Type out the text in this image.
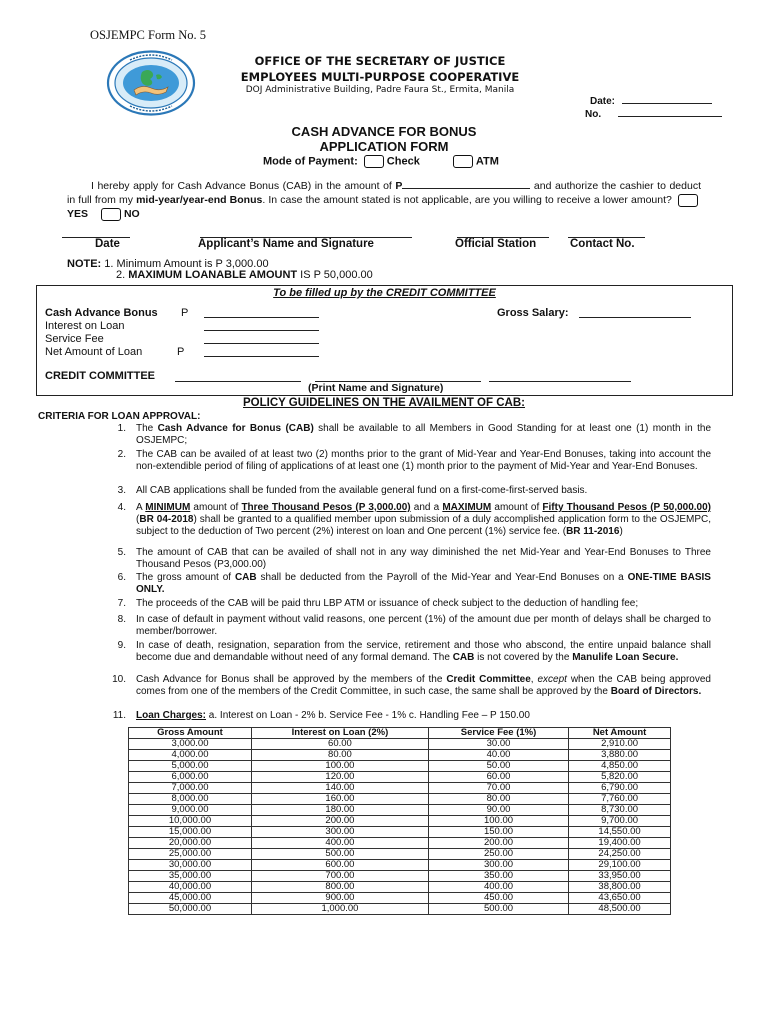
OSJEMPC Form No. 5
OFFICE OF THE SECRETARY OF JUSTICE
EMPLOYEES MULTI-PURPOSE COOPERATIVE
DOJ Administrative Building, Padre Faura St., Ermita, Manila
Date:
No.
CASH ADVANCE FOR BONUS
APPLICATION FORM
Mode of Payment:	Check	ATM
I hereby apply for Cash Advance Bonus (CAB) in the amount of P	and authorize the cashier to deduct in full from my mid-year/year-end Bonus. In case the amount stated is not applicable, are you willing to receive a lower amount? YES	NO
Date	Applicant’s Name and Signature	Official Station	Contact No.
NOTE: 1. Minimum Amount is P 3,000.00
2. MAXIMUM LOANABLE AMOUNT IS P 50,000.00
To be filled up by the CREDIT COMMITTEE
Cash Advance Bonus P
Interest on Loan
Service Fee
Net Amount of Loan	P
Gross Salary:
CREDIT COMMITTEE
(Print Name and Signature)
POLICY GUIDELINES ON THE AVAILMENT OF CAB:
CRITERIA FOR LOAN APPROVAL:
1. The Cash Advance for Bonus (CAB) shall be available to all Members in Good Standing for at least one (1) month in the OSJEMPC;
2. The CAB can be availed of at least two (2) months prior to the grant of Mid-Year and Year-End Bonuses, taking into account the non-extendible period of filing of applications of at least one (1) month prior to the payment of Mid-Year and Year-End Bonuses.
3. All CAB applications shall be funded from the available general fund on a first-come-first-served basis.
4. A MINIMUM amount of Three Thousand Pesos (P 3,000.00) and a MAXIMUM amount of Fifty Thousand Pesos (P 50,000.00) (BR 04-2018) shall be granted to a qualified member upon submission of a duly accomplished application form to the OSJEMPC, subject to the deduction of Two percent (2%) interest on loan and One percent (1%) service fee. (BR 11-2016)
5. The amount of CAB that can be availed of shall not in any way diminished the net Mid-Year and Year-End Bonuses to Three Thousand Pesos (P3,000.00)
6. The gross amount of CAB shall be deducted from the Payroll of the Mid-Year and Year-End Bonuses on a ONE-TIME BASIS ONLY.
7. The proceeds of the CAB will be paid thru LBP ATM or issuance of check subject to the deduction of handling fee;
8. In case of default in payment without valid reasons, one percent (1%) of the amount due per month of delays shall be charged to member/borrower.
9. In case of death, resignation, separation from the service, retirement and those who abscond, the entire unpaid balance shall become due and demandable without need of any formal demand. The CAB is not covered by the Manulife Loan Secure.
10. Cash Advance for Bonus shall be approved by the members of the Credit Committee, except when the CAB being approved comes from one of the members of the Credit Committee, in such case, the same shall be approved by the Board of Directors.
11. Loan Charges: a. Interest on Loan - 2% b. Service Fee - 1% c. Handling Fee – P 150.00
Gross Amount	Interest on Loan (2%)	Service Fee (1%)	Net Amount
3,000.00	60.00	30.00	2,910.00
4,000.00	80.00	40.00	3,880.00
5,000.00	100.00	50.00	4,850.00
6,000.00	120.00	60.00	5,820.00
7,000.00	140.00	70.00	6,790.00
8,000.00	160.00	80.00	7,760.00
9,000.00	180.00	90.00	8,730.00
10,000.00	200.00	100.00	9,700.00
15,000.00	300.00	150.00	14,550.00
20,000.00	400.00	200.00	19,400.00
25,000.00	500.00	250.00	24,250.00
30,000.00	600.00	300.00	29,100.00
35,000.00	700.00	350.00	33,950.00
40,000.00	800.00	400.00	38,800.00
45,000.00	900.00	450.00	43,650.00
50,000.00	1,000.00	500.00	48,500.00
